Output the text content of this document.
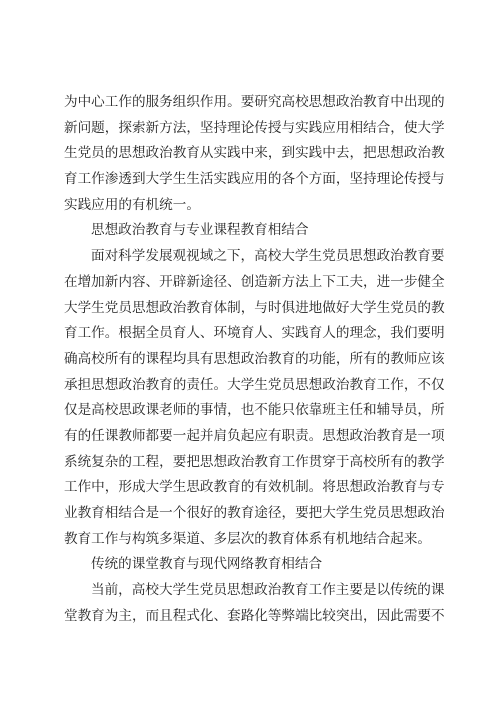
为中心工作的服务组织作用。要研究高校思想政治教育中出现的
新问题，探索新方法，坚持理论传授与实践应用相结合，使大学
生党员的思想政治教育从实践中来，到实践中去，把思想政治教
育工作渗透到大学生生活实践应用的各个方面，坚持理论传授与
实践应用的有机统一。
思想政治教育与专业课程教育相结合
面对科学发展观视域之下，高校大学生党员思想政治教育要
在增加新内容、开辟新途径、创造新方法上下工夫，进一步健全
大学生党员思想政治教育体制，与时俱进地做好大学生党员的教
育工作。根据全员育人、环境育人、实践育人的理念，我们要明
确高校所有的课程均具有思想政治教育的功能，所有的教师应该
承担思想政治教育的责任。大学生党员思想政治教育工作，不仅
仅是高校思政课老师的事情，也不能只依靠班主任和辅导员，所
有的任课教师都要一起并肩负起应有职责。思想政治教育是一项
系统复杂的工程，要把思想政治教育工作贯穿于高校所有的教学
工作中，形成大学生思政教育的有效机制。将思想政治教育与专
业教育相结合是一个很好的教育途径，要把大学生党员思想政治
教育工作与构筑多渠道、多层次的教育体系有机地结合起来。
传统的课堂教育与现代网络教育相结合
当前，高校大学生党员思想政治教育工作主要是以传统的课
堂教育为主，而且程式化、套路化等弊端比较突出，因此需要不
